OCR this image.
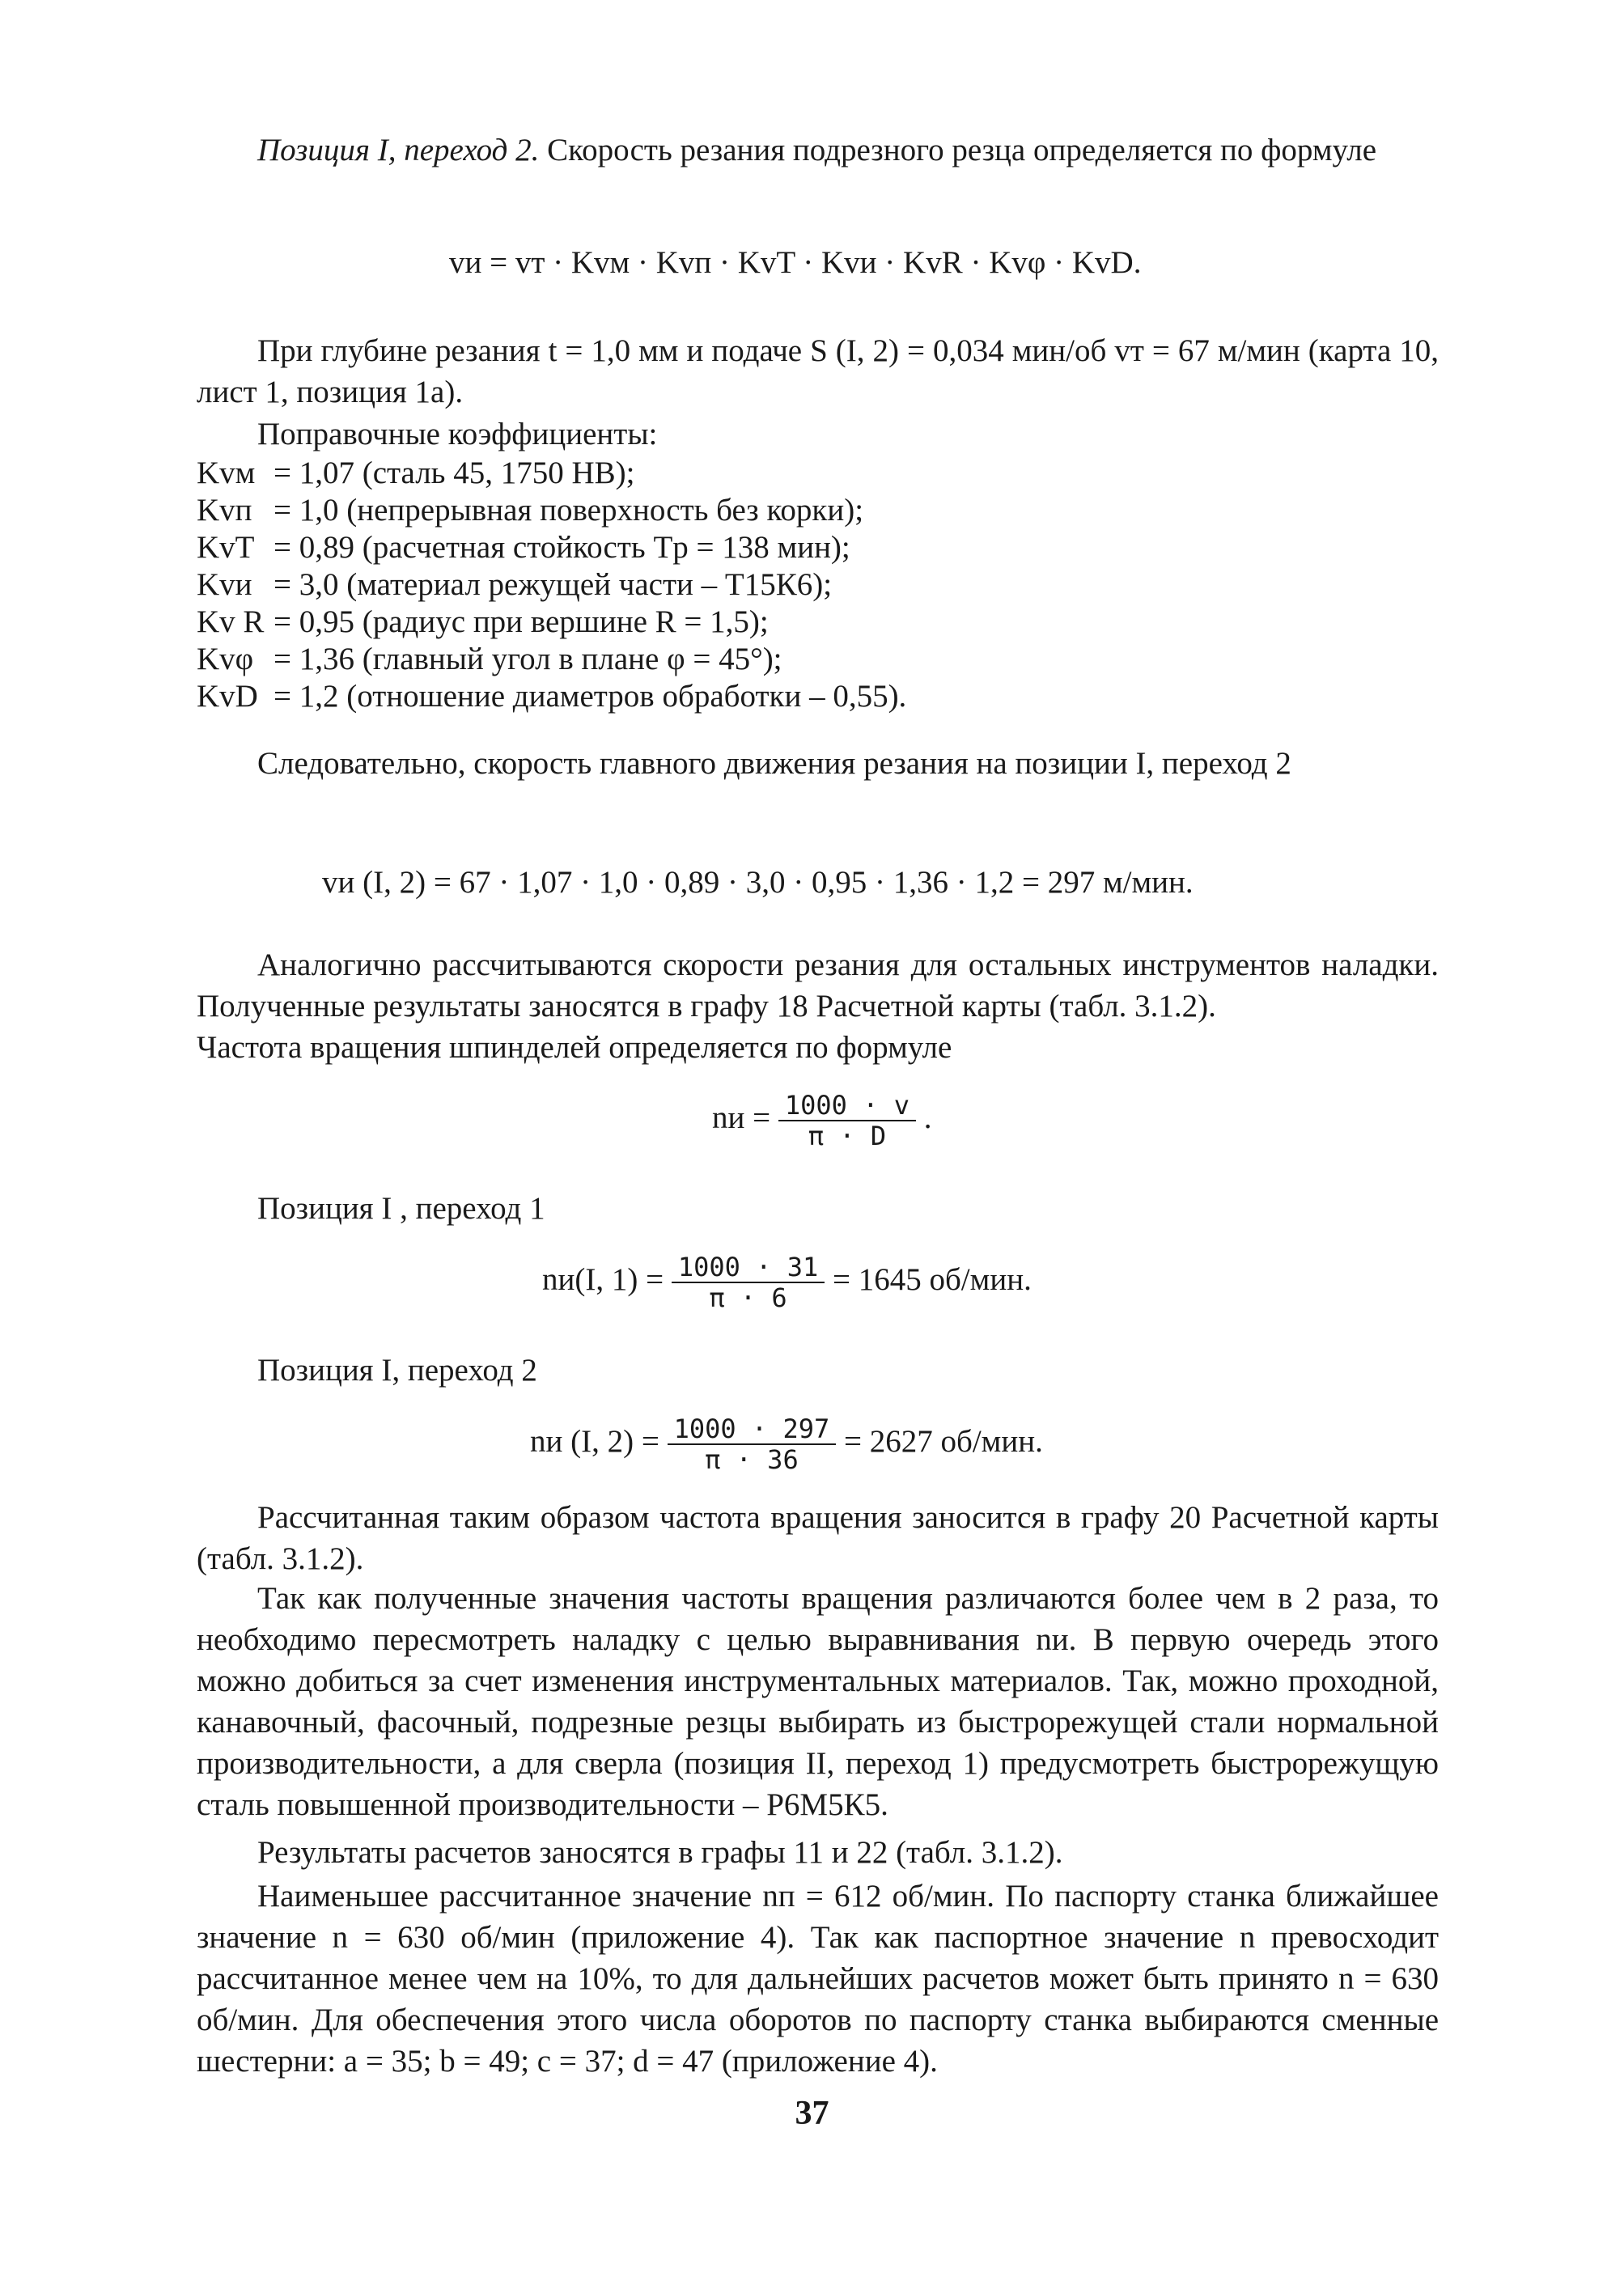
Позиция I, переход 2. Скорость резания подрезного резца определяется по формуле
vи = vт · Kvм · Kvп · KvT · Kvи · KvR · Kvφ · KvD.
При глубине резания t = 1,0 мм и подаче S (I, 2) = 0,034 мин/об vт = 67 м/мин (карта 10, лист 1, позиция 1а).
Поправочные коэффициенты:
Kvм = 1,07 (сталь 45, 1750 НВ);
Kvп = 1,0 (непрерывная поверхность без корки);
KvT = 0,89 (расчетная стойкость Tр = 138 мин);
Kvи = 3,0 (материал режущей части – Т15К6);
Kv R = 0,95 (радиус при вершине R = 1,5);
Kvφ = 1,36 (главный угол в плане φ = 45°);
KvD = 1,2 (отношение диаметров обработки – 0,55).
Следовательно, скорость главного движения резания на позиции I, переход 2
vи (I, 2) = 67 · 1,07 · 1,0 · 0,89 · 3,0 · 0,95 · 1,36 · 1,2 = 297 м/мин.
Аналогично рассчитываются скорости резания для остальных инструментов наладки. Полученные результаты заносятся в графу 18 Расчетной карты (табл. 3.1.2).
Частота вращения шпинделей определяется по формуле
nи = $\frac{1000 \cdot v}{\pi \cdot D}$ .
Позиция I , переход 1
nи(I, $1) = \frac{1000 \cdot 31}{\pi \cdot 6} = 1645$ об/мин.
Позиция I, переход 2
nи (I, $2) = \frac{1000 \cdot 297}{\pi \cdot 36} = 2627$ об/мин.
Рассчитанная таким образом частота вращения заносится в графу 20 Расчетной карты (табл. 3.1.2).
Так как полученные значения частоты вращения различаются более чем в 2 раза, то необходимо пересмотреть наладку с целью выравнивания nи. В первую очередь этого можно добиться за счет изменения инструментальных материалов. Так, можно проходной, канавочный, фасочный, подрезные резцы выбирать из быстрорежущей стали нормальной производительности, а для сверла (позиция II, переход 1) предусмотреть быстрорежущую сталь повышенной производительности – Р6М5К5.
Результаты расчетов заносятся в графы 11 и 22 (табл. 3.1.2).
Наименьшее рассчитанное значение nп = 612 об/мин. По паспорту станка ближайшее значение n = 630 об/мин (приложение 4). Так как паспортное значение n превосходит рассчитанное менее чем на 10%, то для дальнейших расчетов может быть принято n = 630 об/мин. Для обеспечения этого числа оборотов по паспорту станка выбираются сменные шестерни: а = 35; b = 49; с = 37; d = 47 (приложение 4).
37
